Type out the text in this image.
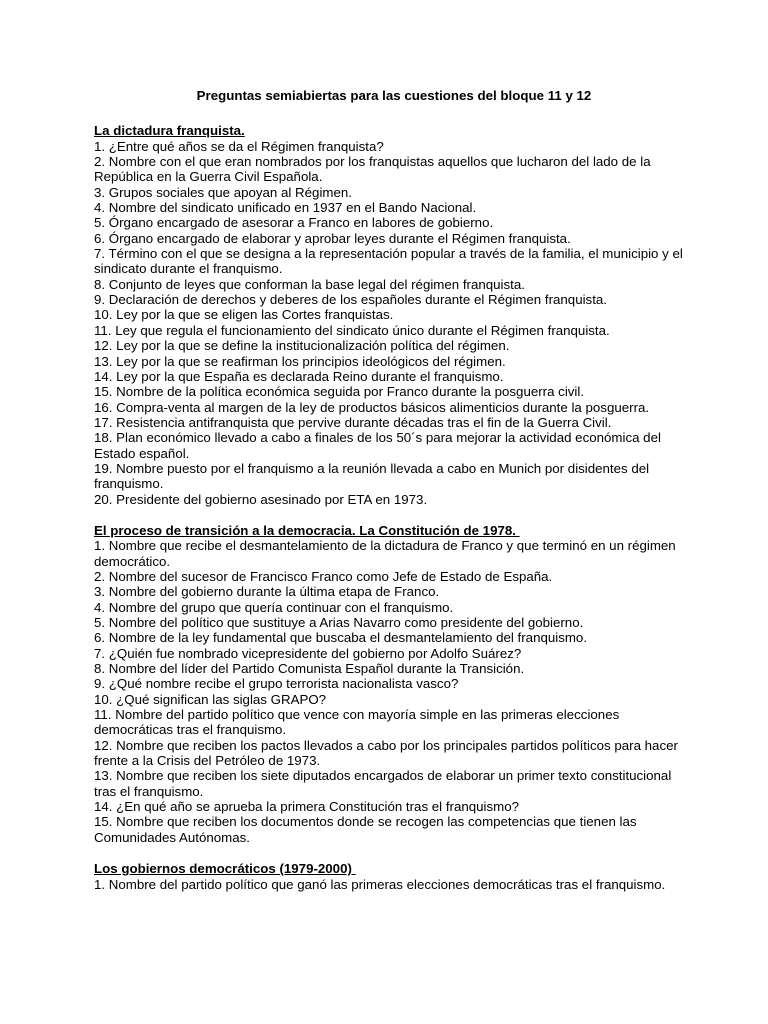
Preguntas semiabiertas para las cuestiones del bloque 11 y 12
La dictadura franquista.
1. ¿Entre qué años se da el Régimen franquista?
2. Nombre con el que eran nombrados por los franquistas aquellos que lucharon del lado de la República en la Guerra Civil Española.
3. Grupos sociales que apoyan al Régimen.
4. Nombre del sindicato unificado en 1937 en el Bando Nacional.
5. Órgano encargado de asesorar a Franco en labores de gobierno.
6. Órgano encargado de elaborar y aprobar leyes durante el Régimen franquista.
7. Término con el que se designa a la representación popular a través de la familia, el municipio y el sindicato durante el franquismo.
8. Conjunto de leyes que conforman la base legal del régimen franquista.
9. Declaración de derechos y deberes de los españoles durante el Régimen franquista.
10. Ley por la que se eligen las Cortes franquistas.
11. Ley que regula el funcionamiento del sindicato único durante el Régimen franquista.
12. Ley por la que se define la institucionalización política del régimen.
13. Ley por la que se reafirman los principios ideológicos del régimen.
14. Ley por la que España es declarada Reino durante el franquismo.
15. Nombre de la política económica seguida por Franco durante la posguerra civil.
16. Compra-venta al margen de la ley de productos básicos alimenticios durante la posguerra.
17. Resistencia antifranquista que pervive durante décadas tras el fin de la Guerra Civil.
18. Plan económico llevado a cabo a finales de los 50´s para mejorar la actividad económica del Estado español.
19. Nombre puesto por el franquismo a la reunión llevada a cabo en Munich por disidentes del franquismo.
20. Presidente del gobierno asesinado por ETA en 1973.
El proceso de transición a la democracia. La Constitución de 1978.
1. Nombre que recibe el desmantelamiento de la dictadura de Franco y que terminó en un régimen democrático.
2. Nombre del sucesor de Francisco Franco como Jefe de Estado de España.
3. Nombre del gobierno durante la última etapa de Franco.
4. Nombre del grupo que quería continuar con el franquismo.
5. Nombre del político que sustituye a Arias Navarro como presidente del gobierno.
6. Nombre de la ley fundamental que buscaba el desmantelamiento del franquismo.
7. ¿Quién fue nombrado vicepresidente del gobierno por Adolfo Suárez?
8. Nombre del líder del Partido Comunista Español durante la Transición.
9. ¿Qué nombre recibe el grupo terrorista nacionalista vasco?
10. ¿Qué significan las siglas GRAPO?
11. Nombre del partido político que vence con mayoría simple en las primeras elecciones democráticas tras el franquismo.
12. Nombre que reciben los pactos llevados a cabo por los principales partidos políticos para hacer frente a la Crisis del Petróleo de 1973.
13. Nombre que reciben los siete diputados encargados de elaborar un primer texto constitucional tras el franquismo.
14. ¿En qué año se aprueba la primera Constitución tras el franquismo?
15. Nombre que reciben los documentos donde se recogen las competencias que tienen las Comunidades Autónomas.
Los gobiernos democráticos (1979-2000)
1. Nombre del partido político que ganó las primeras elecciones democráticas tras el franquismo.
